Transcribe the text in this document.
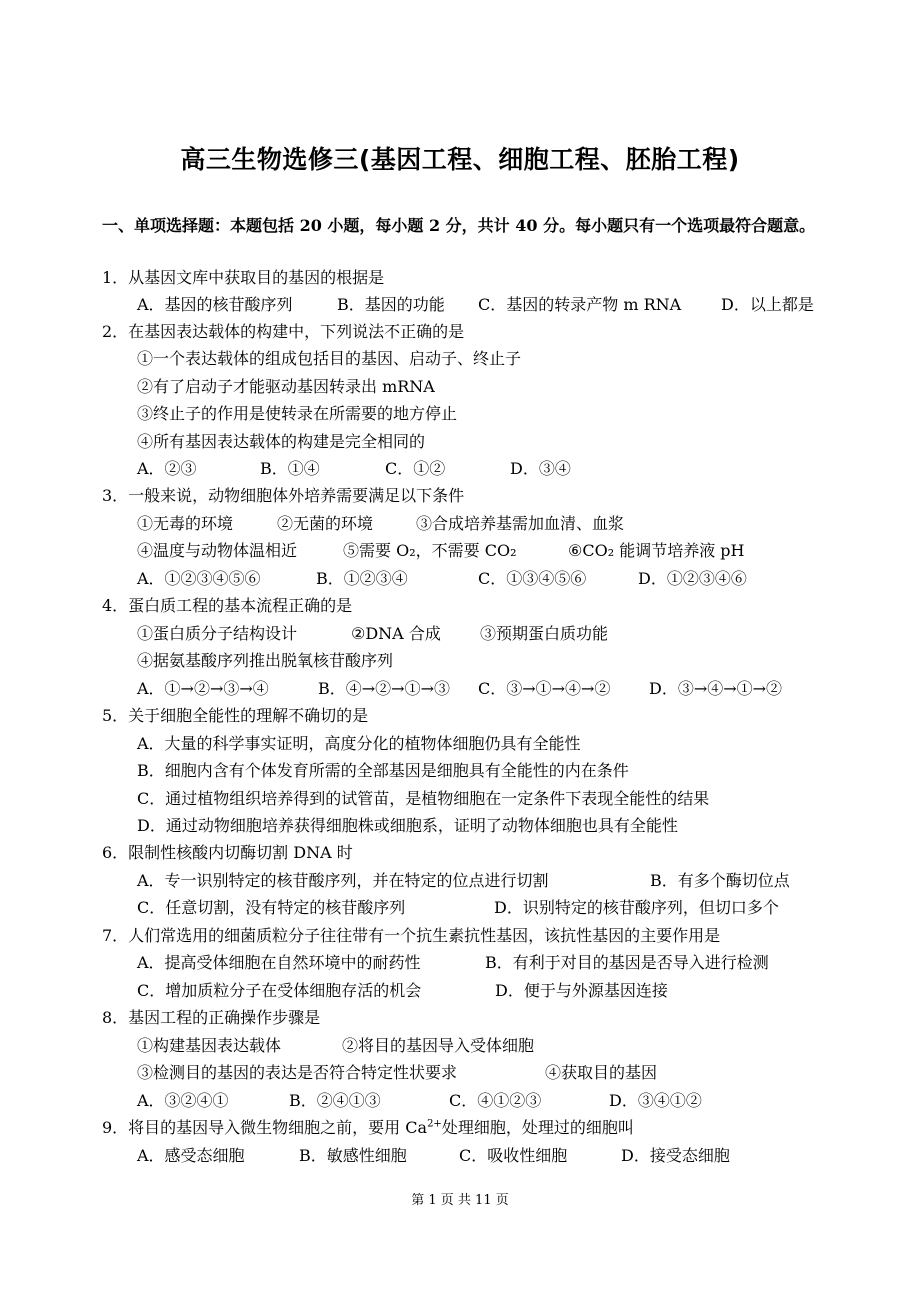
高三生物选修三(基因工程、细胞工程、胚胎工程)
一、单项选择题：本题包括 20 小题，每小题 2 分，共计 40 分。每小题只有一个选项最符合题意。
1．从基因文库中获取目的基因的根据是
A．基因的核苷酸序列	B．基因的功能 C．基因的转录产物 m RNA D．以上都是
2．在基因表达载体的构建中，下列说法不正确的是
①一个表达载体的组成包括目的基因、启动子、终止子
②有了启动子才能驱动基因转录出 mRNA
③终止子的作用是使转录在所需要的地方停止
④所有基因表达载体的构建是完全相同的
A．②③	B．①④	C．①②	D．③④
3．一般来说，动物细胞体外培养需要满足以下条件
①无毒的环境	②无菌的环境	③合成培养基需加血清、血浆
④温度与动物体温相近	⑤需要 O₂，不需要 CO₂	⑥CO₂ 能调节培养液 pH
A．①②③④⑤⑥	B．①②③④	C．①③④⑤⑥	D．①②③④⑥
4．蛋白质工程的基本流程正确的是
①蛋白质分子结构设计	②DNA 合成 ③预期蛋白质功能
④据氨基酸序列推出脱氧核苷酸序列
A．①→②→③→④	B．④→②→①→③ C．③→①→④→② D．③→④→①→②
5．关于细胞全能性的理解不确切的是
A．大量的科学事实证明，高度分化的植物体细胞仍具有全能性
B．细胞内含有个体发育所需的全部基因是细胞具有全能性的内在条件
C．通过植物组织培养得到的试管苗，是植物细胞在一定条件下表现全能性的结果
D．通过动物细胞培养获得细胞株或细胞系，证明了动物体细胞也具有全能性
6．限制性核酸内切酶切割 DNA 时
A．专一识别特定的核苷酸序列，并在特定的位点进行切割	B．有多个酶切位点
C．任意切割，没有特定的核苷酸序列	D．识别特定的核苷酸序列，但切口多个
7．人们常选用的细菌质粒分子往往带有一个抗生素抗性基因，该抗性基因的主要作用是
A．提高受体细胞在自然环境中的耐药性	B．有利于对目的基因是否导入进行检测
C．增加质粒分子在受体细胞存活的机会	D．便于与外源基因连接
8．基因工程的正确操作步骤是
①构建基因表达载体	②将目的基因导入受体细胞
③检测目的基因的表达是否符合特定性状要求	④获取目的基因
A．③②④①	B．②④①③	C．④①②③	D．③④①②
9．将目的基因导入微生物细胞之前，要用 $Ca^{2+}$处理细胞，处理过的细胞叫
A．感受态细胞	B．敏感性细胞	C．吸收性细胞	D．接受态细胞
第 1 页 共 11 页
